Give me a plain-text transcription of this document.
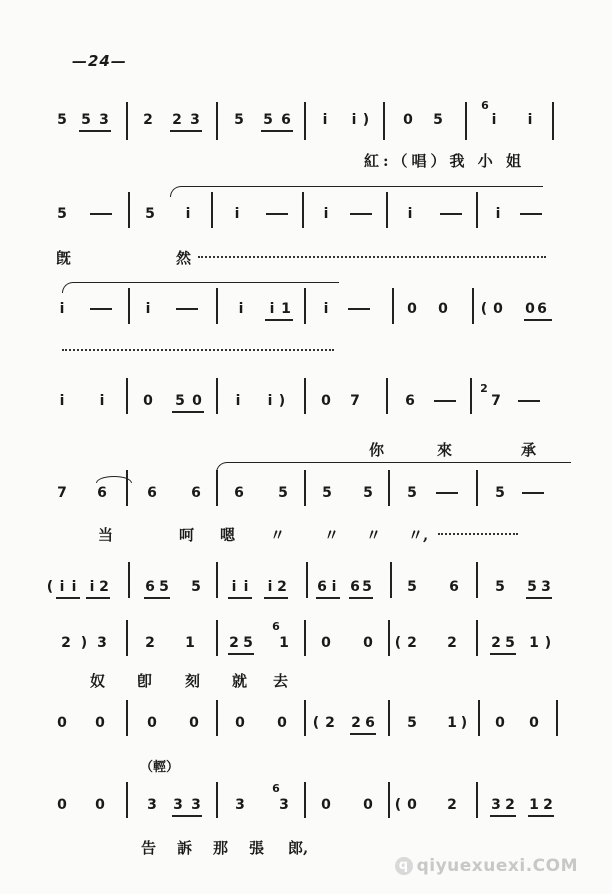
—24—
5	5 3	2	2 3	5	5 6	i	i )	0	5
6
i	i
紅:（唱）我 小 姐
5	5	i	i	i	i	i
旣	然
i	i	i	i 1	i	0	0	( 0	0 6
i	i	0	5 0	i	i )	0	7	6
2
7
你	來	承
7	6	6	6	6	5	5	5	5	5
当	呵 嗯 〃	〃 〃 〃,
( i i i 2	6 5	5	i i	i 2	6 i 6 5	5	6	5	5 3
2 ) 3	2	1	2 5
6
1	0	0	( 2	2	2 5	1 )
奴 卽 刻 就 去
0	0	0	0	0	0	( 2	2 6	5	1 )	0	0
（輕）
0	0	3	3 3	3
6
3	0	0	( 0	2	3 2	1 2
告 訴 那 張 郎,
q qiyuexuexi.COM
